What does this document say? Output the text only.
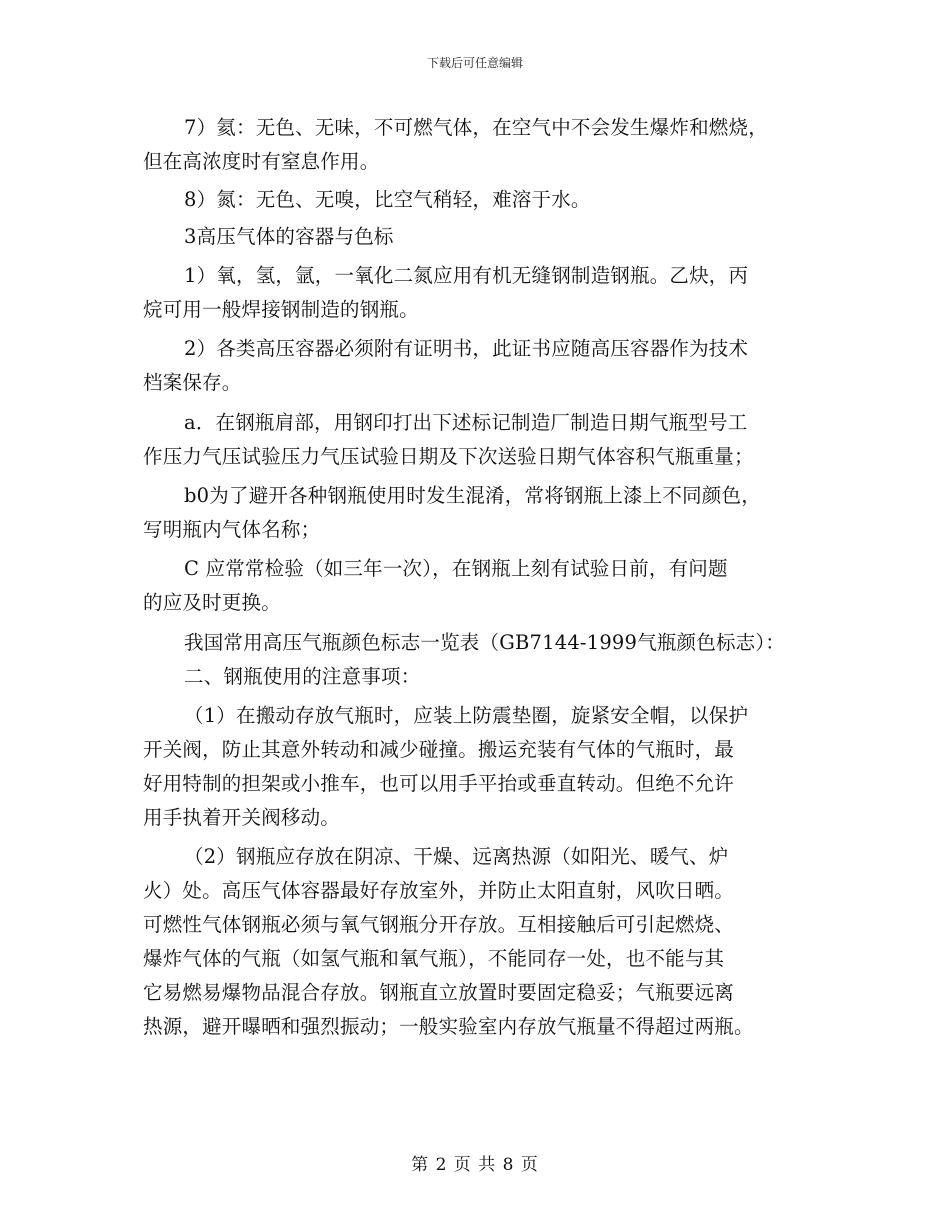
下载后可任意编辑
7）氦：无色、无味，不可燃气体，在空气中不会发生爆炸和燃烧，
但在高浓度时有窒息作用。
8）氮：无色、无嗅，比空气稍轻，难溶于水。
3高压气体的容器与色标
1）氧，氢，氩，一氧化二氮应用有机无缝钢制造钢瓶。乙炔，丙
烷可用一般焊接钢制造的钢瓶。
2）各类高压容器必须附有证明书，此证书应随高压容器作为技术
档案保存。
a．在钢瓶肩部，用钢印打出下述标记制造厂制造日期气瓶型号工
作压力气压试验压力气压试验日期及下次送验日期气体容积气瓶重量；
b0为了避开各种钢瓶使用时发生混淆，常将钢瓶上漆上不同颜色，
写明瓶内气体名称；
C 应常常检验（如三年一次），在钢瓶上刻有试验日前，有问题
的应及时更换。
我国常用高压气瓶颜色标志一览表（GB7144-1999气瓶颜色标志）：
二、钢瓶使用的注意事项：
（1）在搬动存放气瓶时，应装上防震垫圈，旋紧安全帽，以保护
开关阀，防止其意外转动和减少碰撞。搬运充装有气体的气瓶时，最
好用特制的担架或小推车，也可以用手平抬或垂直转动。但绝不允许
用手执着开关阀移动。
（2）钢瓶应存放在阴凉、干燥、远离热源（如阳光、暖气、炉
火）处。高压气体容器最好存放室外，并防止太阳直射，风吹日晒。
可燃性气体钢瓶必须与氧气钢瓶分开存放。互相接触后可引起燃烧、
爆炸气体的气瓶（如氢气瓶和氧气瓶），不能同存一处，也不能与其
它易燃易爆物品混合存放。钢瓶直立放置时要固定稳妥；气瓶要远离
热源，避开曝晒和强烈振动；一般实验室内存放气瓶量不得超过两瓶。
第 2 页 共 8 页
